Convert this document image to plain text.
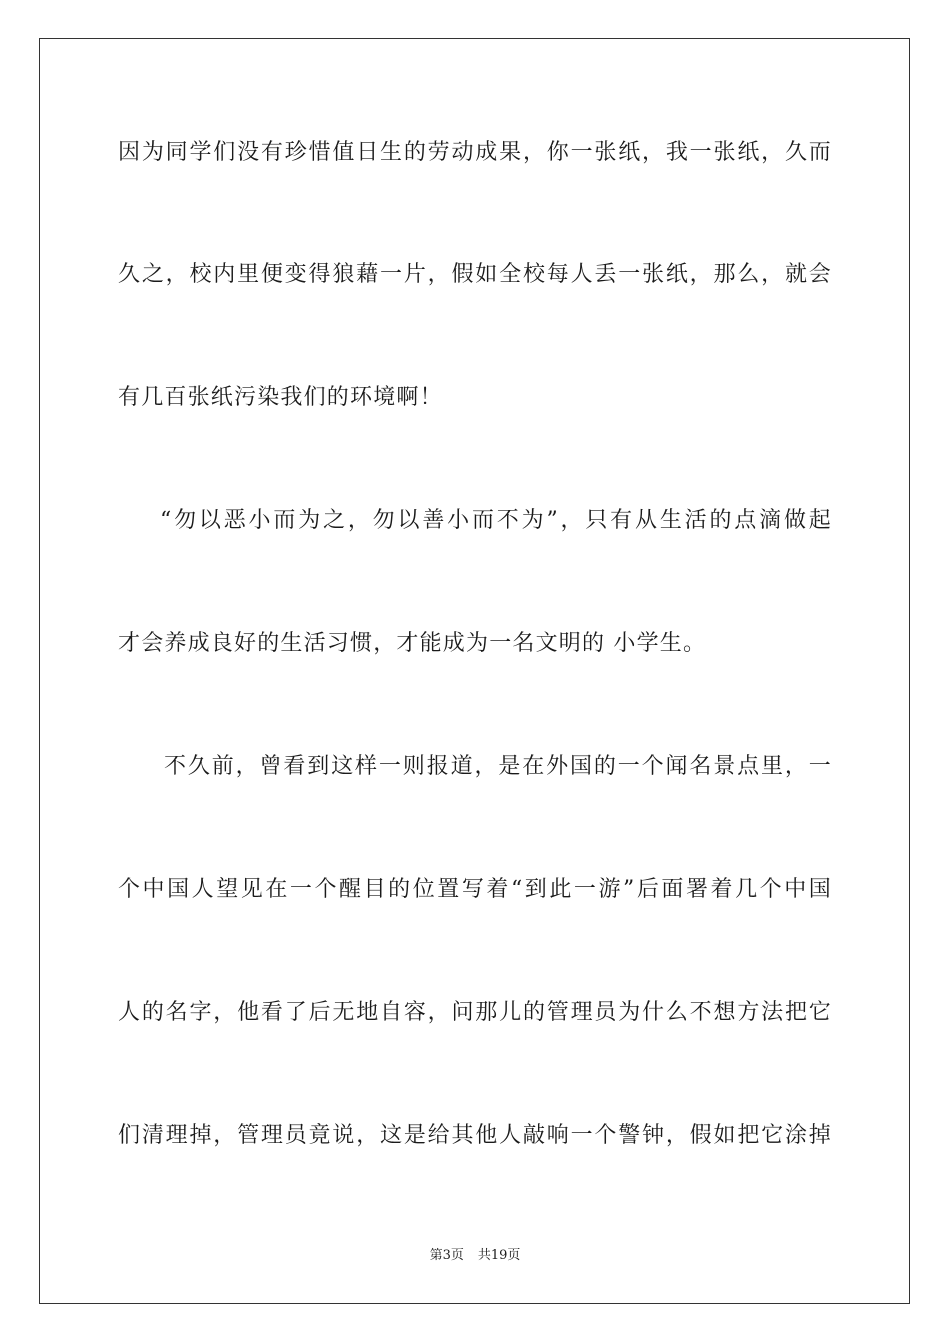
因为同学们没有珍惜值日生的劳动成果，你一张纸，我一张纸，久而
久之，校内里便变得狼藉一片，假如全校每人丢一张纸，那么，就会
有几百张纸污染我们的环境啊！
“勿以恶小而为之，勿以善小而不为”，只有从生活的点滴做起
才会养成良好的生活习惯，才能成为一名文明的 小学生。
不久前，曾看到这样一则报道，是在外国的一个闻名景点里，一
个中国人望见在一个醒目的位置写着“到此一游”后面署着几个中国
人的名字，他看了后无地自容，问那儿的管理员为什么不想方法把它
们清理掉，管理员竟说，这是给其他人敲响一个警钟，假如把它涂掉
第3页 共19页
